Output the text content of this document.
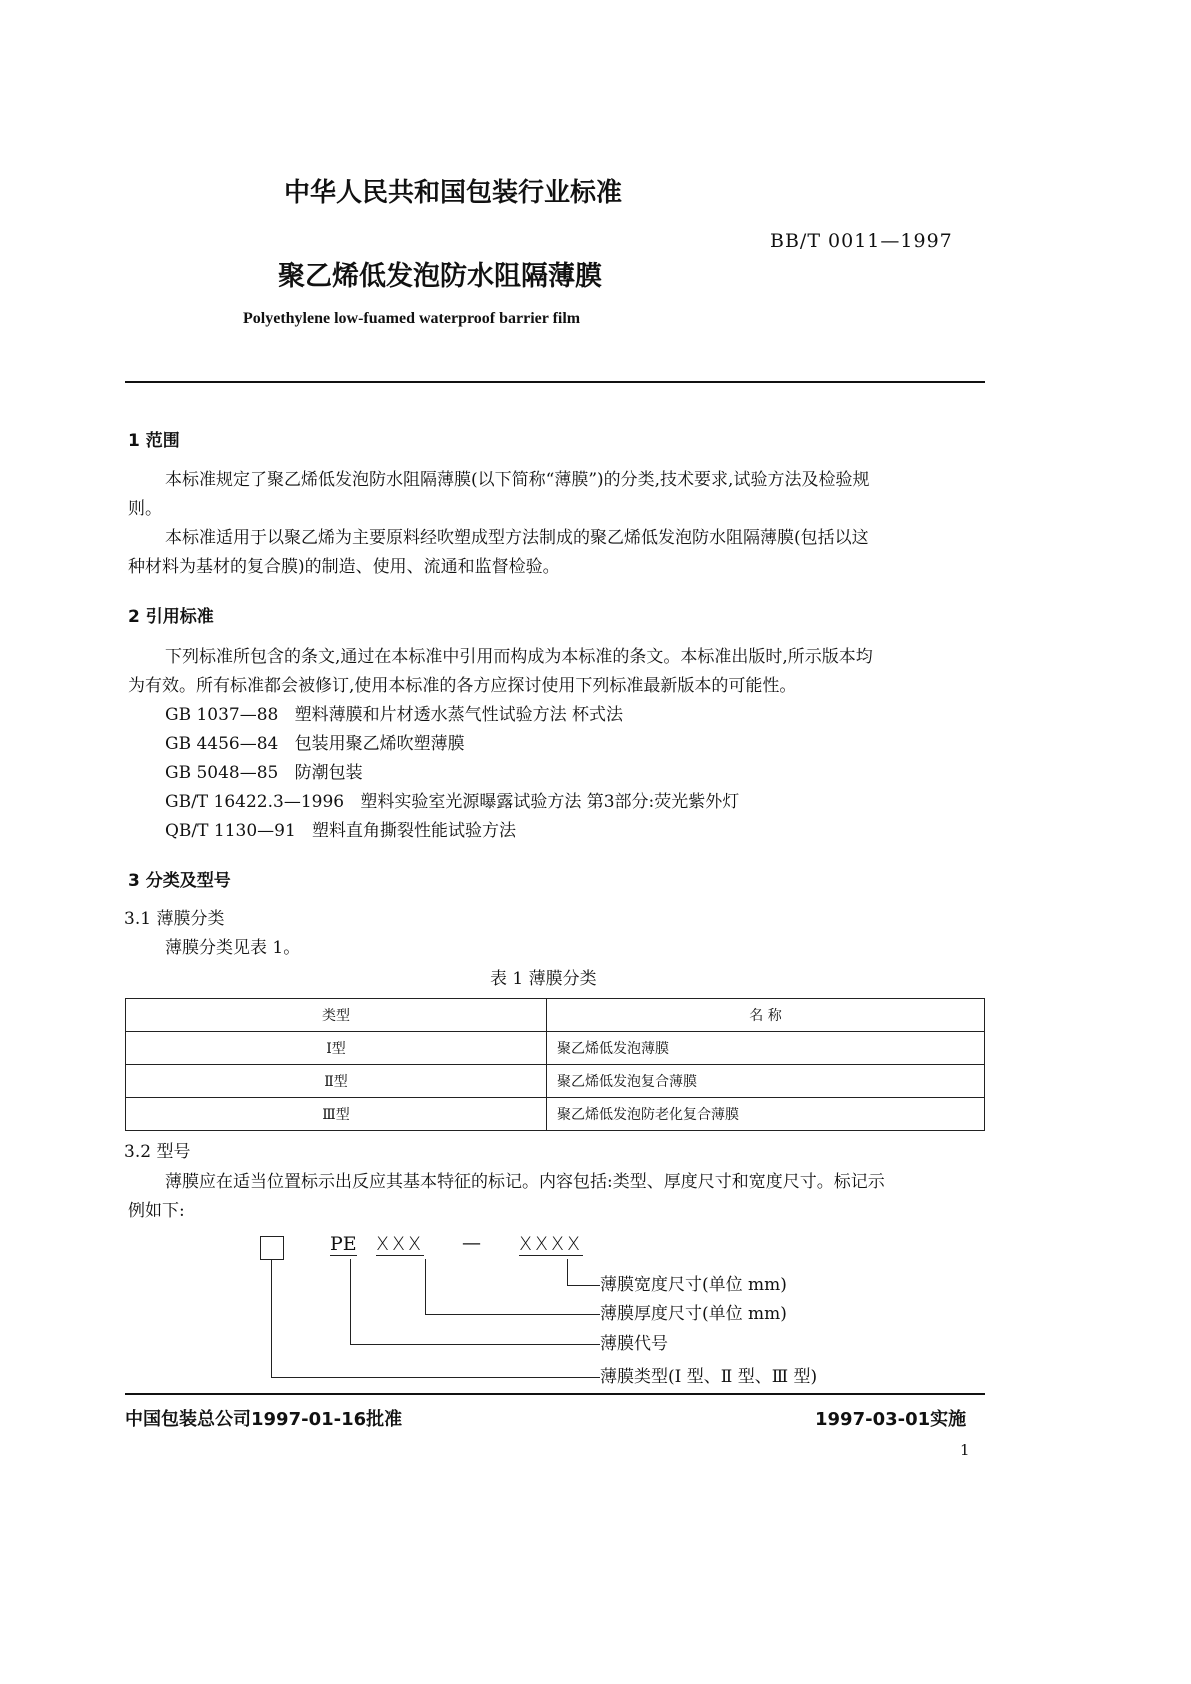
中华人民共和国包装行业标准
BB/T 0011—1997
聚乙烯低发泡防水阻隔薄膜
Polyethylene low-fuamed waterproof barrier film
1 范围
本标准规定了聚乙烯低发泡防水阻隔薄膜(以下简称“薄膜”)的分类,技术要求,试验方法及检验规
则。
本标准适用于以聚乙烯为主要原料经吹塑成型方法制成的聚乙烯低发泡防水阻隔薄膜(包括以这
种材料为基材的复合膜)的制造、使用、流通和监督检验。
2 引用标准
下列标准所包含的条文,通过在本标准中引用而构成为本标准的条文。本标准出版时,所示版本均
为有效。所有标准都会被修订,使用本标准的各方应探讨使用下列标准最新版本的可能性。
GB 1037—88 塑料薄膜和片材透水蒸气性试验方法 杯式法
GB 4456—84 包装用聚乙烯吹塑薄膜
GB 5048—85 防潮包装
GB/T 16422.3—1996 塑料实验室光源曝露试验方法 第3部分:荧光紫外灯
QB/T 1130—91 塑料直角撕裂性能试验方法
3 分类及型号
3.1 薄膜分类
薄膜分类见表 1。
表 1 薄膜分类
类型	名 称
Ⅰ型	聚乙烯低发泡薄膜
Ⅱ型	聚乙烯低发泡复合薄膜
Ⅲ型	聚乙烯低发泡防老化复合薄膜
3.2 型号
薄膜应在适当位置标示出反应其基本特征的标记。内容包括:类型、厚度尺寸和宽度尺寸。标记示
例如下:
PE XXX — XXXX
薄膜宽度尺寸(单位 mm)
薄膜厚度尺寸(单位 mm)
薄膜代号
薄膜类型(Ⅰ 型、Ⅱ 型、Ⅲ 型)
中国包装总公司1997-01-16批准	1997-03-01实施
1
